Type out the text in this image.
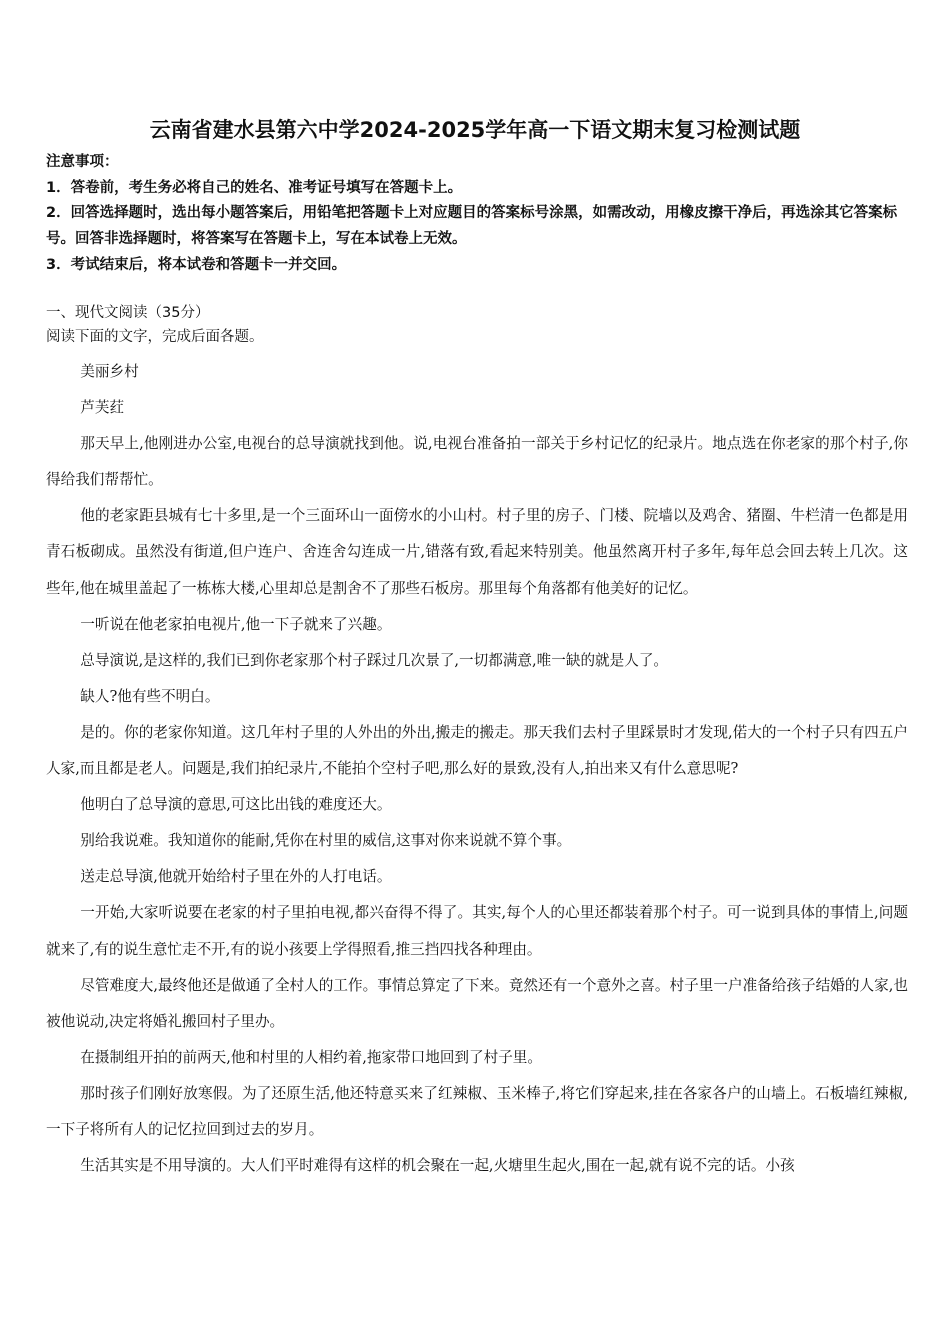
云南省建水县第六中学2024-2025学年高一下语文期末复习检测试题
注意事项：
1．答卷前，考生务必将自己的姓名、准考证号填写在答题卡上。
2．回答选择题时，选出每小题答案后，用铅笔把答题卡上对应题目的答案标号涂黑，如需改动，用橡皮擦干净后，再选涂其它答案标号。回答非选择题时，将答案写在答题卡上，写在本试卷上无效。
3．考试结束后，将本试卷和答题卡一并交回。
一、现代文阅读（35分）
阅读下面的文字，完成后面各题。

美丽乡村

芦芙荭

那天早上,他刚进办公室,电视台的总导演就找到他。说,电视台准备拍一部关于乡村记忆的纪录片。地点选在你老家的那个村子,你得给我们帮帮忙。

他的老家距县城有七十多里,是一个三面环山一面傍水的小山村。村子里的房子、门楼、院墙以及鸡舍、猪圈、牛栏清一色都是用青石板砌成。虽然没有街道,但户连户、舍连舍勾连成一片,错落有致,看起来特别美。他虽然离开村子多年,每年总会回去转上几次。这些年,他在城里盖起了一栋栋大楼,心里却总是割舍不了那些石板房。那里每个角落都有他美好的记忆。

一听说在他老家拍电视片,他一下子就来了兴趣。

总导演说,是这样的,我们已到你老家那个村子踩过几次景了,一切都满意,唯一缺的就是人了。

缺人?他有些不明白。

是的。你的老家你知道。这几年村子里的人外出的外出,搬走的搬走。那天我们去村子里踩景时才发现,偌大的一个村子只有四五户人家,而且都是老人。问题是,我们拍纪录片,不能拍个空村子吧,那么好的景致,没有人,拍出来又有什么意思呢?

他明白了总导演的意思,可这比出钱的难度还大。

别给我说难。我知道你的能耐,凭你在村里的威信,这事对你来说就不算个事。

送走总导演,他就开始给村子里在外的人打电话。

一开始,大家听说要在老家的村子里拍电视,都兴奋得不得了。其实,每个人的心里还都装着那个村子。可一说到具体的事情上,问题就来了,有的说生意忙走不开,有的说小孩要上学得照看,推三挡四找各种理由。

尽管难度大,最终他还是做通了全村人的工作。事情总算定了下来。竟然还有一个意外之喜。村子里一户准备给孩子结婚的人家,也被他说动,决定将婚礼搬回村子里办。

在摄制组开拍的前两天,他和村里的人相约着,拖家带口地回到了村子里。

那时孩子们刚好放寒假。为了还原生活,他还特意买来了红辣椒、玉米棒子,将它们穿起来,挂在各家各户的山墙上。石板墙红辣椒,一下子将所有人的记忆拉回到过去的岁月。

生活其实是不用导演的。大人们平时难得有这样的机会聚在一起,火塘里生起火,围在一起,就有说不完的话。小孩
